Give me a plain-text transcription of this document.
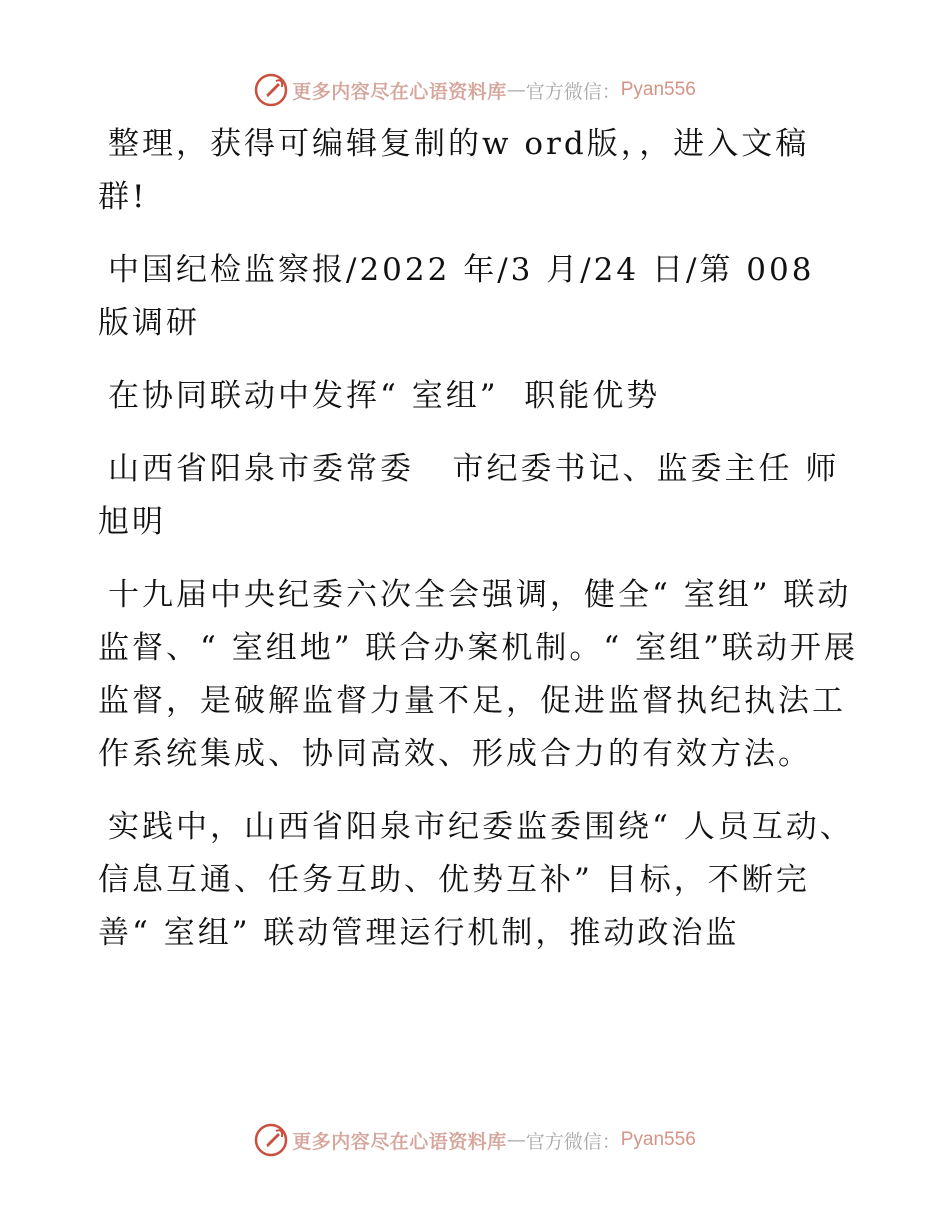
更多内容尽在心语资料库 — 官方微信： Pyan556

整理，获得可编辑复制的w ord版，，进入文稿群!

中国纪检监察报/2022 年/3 月/24 日/第 008 版调研

在协同联动中发挥“ 室组”  职能优势

山西省阳泉市委常委   市纪委书记、监委主任 师旭明

十九届中央纪委六次全会强调，健全“ 室组” 联动监督、“ 室组地” 联合办案机制。“ 室组”联动开展监督，是破解监督力量不足，促进监督执纪执法工作系统集成、协同高效、形成合力的有效方法。

实践中，山西省阳泉市纪委监委围绕“ 人员互动、信息互通、任务互助、优势互补” 目标，不断完善“ 室组” 联动管理运行机制，推动政治监

更多内容尽在心语资料库 — 官方微信： Pyan556
